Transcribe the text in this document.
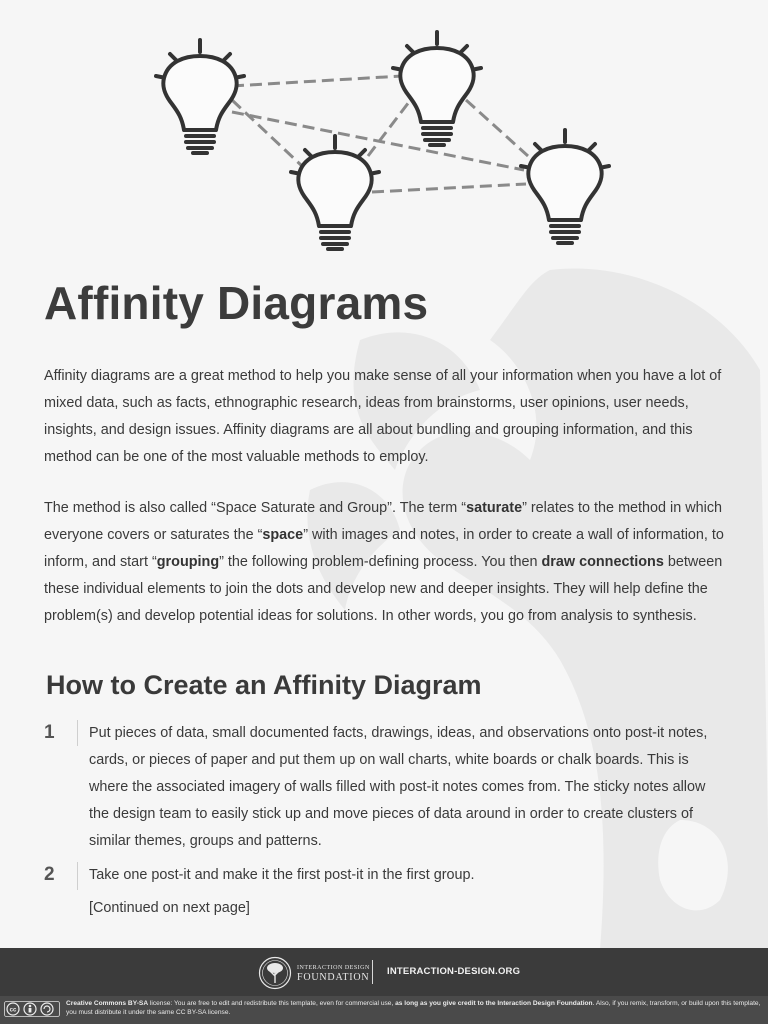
Affinity Diagrams

Affinity diagrams are a great method to help you make sense of all your information when you have a lot of mixed data, such as facts, ethnographic research, ideas from brainstorms, user opinions, user needs, insights, and design issues. Affinity diagrams are all about bundling and grouping information, and this method can be one of the most valuable methods to employ.

The method is also called “Space Saturate and Group”. The term “saturate” relates to the method in which everyone covers or saturates the “space” with images and notes, in order to create a wall of information, to inform, and start “grouping” the following problem-defining process. You then draw connections between these individual elements to join the dots and develop new and deeper insights. They will help define the problem(s) and develop potential ideas for solutions. In other words, you go from analysis to synthesis.

How to Create an Affinity Diagram
1 Put pieces of data, small documented facts, drawings, ideas, and observations onto post-it notes, cards, or pieces of paper and put them up on wall charts, white boards or chalk boards. This is where the associated imagery of walls filled with post-it notes comes from. The sticky notes allow the design team to easily stick up and move pieces of data around in order to create clusters of similar themes, groups and patterns.

2 Take one post-it and make it the first post-it in the first group.

[Continued on next page]

INTERACTION DESIGN
FOUNDATION
INTERACTION-DESIGN.ORG
cc

Creative Commons BY-SA license: You are free to edit and redistribute this template, even for commercial use, as long as you give credit to the Interaction Design Foundation. Also, if you remix, transform, or build upon this template, you must distribute it under the same CC BY-SA license.
